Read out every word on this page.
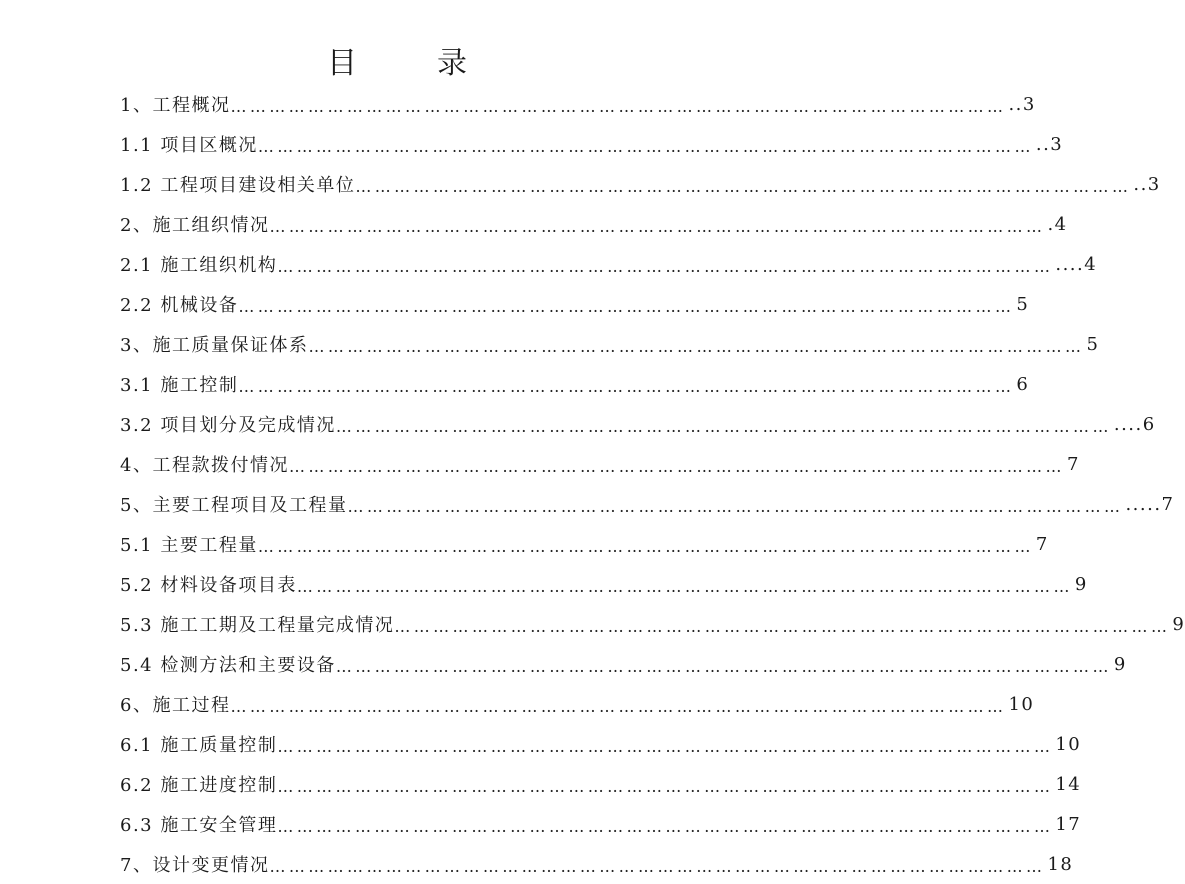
目	录
1、工程概况 ………………………………………………………………………………………………………… ..3
1.1 项目区概况 ………………………………………………………………………………………………………… ..3
1.2 工程项目建设相关单位 ………………………………………………………………………………………………………… ..3
2、施工组织情况 ………………………………………………………………………………………………………… .4
2.1 施工组织机构 ………………………………………………………………………………………………………… ....4
2.2 机械设备 ………………………………………………………………………………………………………… 5
3、施工质量保证体系 ………………………………………………………………………………………………………… 5
3.1 施工控制 ………………………………………………………………………………………………………… 6
3.2 项目划分及完成情况 ………………………………………………………………………………………………………… ....6
4、工程款拨付情况 ………………………………………………………………………………………………………… 7
5、主要工程项目及工程量 ………………………………………………………………………………………………………… .....7
5.1 主要工程量 ………………………………………………………………………………………………………… 7
5.2 材料设备项目表 ………………………………………………………………………………………………………… 9
5.3 施工工期及工程量完成情况 ………………………………………………………………………………………………………… 9
5.4 检测方法和主要设备 ………………………………………………………………………………………………………… 9
6、施工过程 ………………………………………………………………………………………………………… 10
6.1 施工质量控制 ………………………………………………………………………………………………………… 10
6.2 施工进度控制 ………………………………………………………………………………………………………… 14
6.3 施工安全管理 ………………………………………………………………………………………………………… 17
7、设计变更情况 ………………………………………………………………………………………………………… 18
